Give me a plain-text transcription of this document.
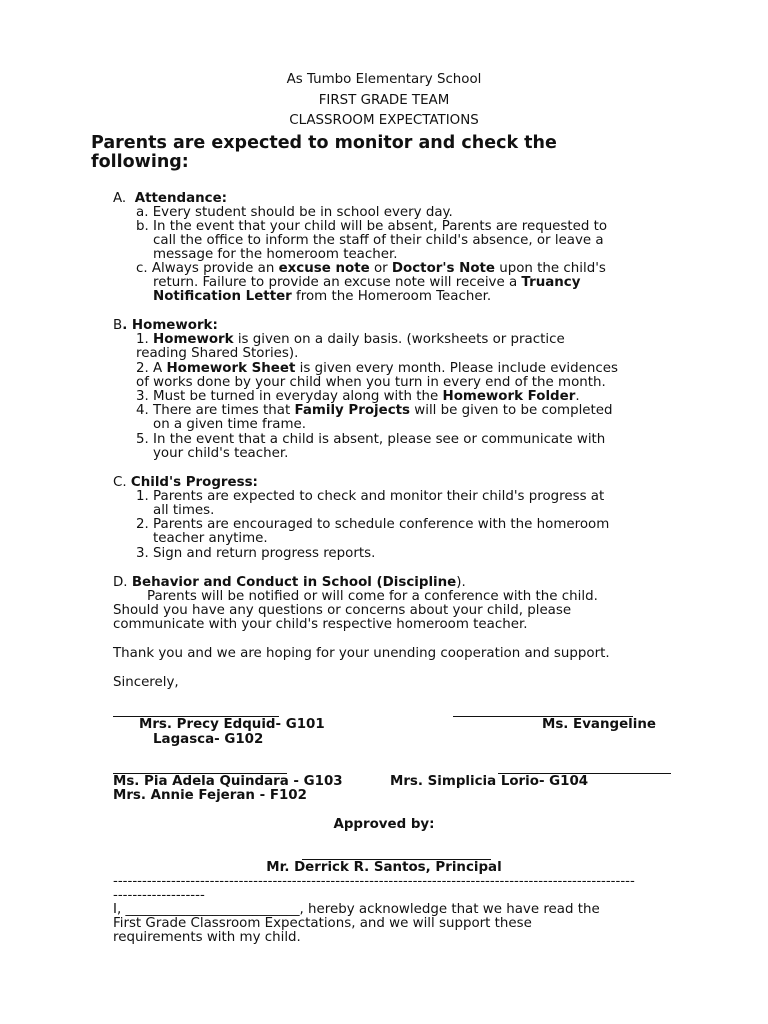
As Tumbo Elementary School
FIRST GRADE TEAM
CLASSROOM EXPECTATIONS
Parents are expected to monitor and check the
following:
A. Attendance:
a. Every student should be in school every day.
b. In the event that your child will be absent, Parents are requested to
call the office to inform the staff of their child's absence, or leave a
message for the homeroom teacher.
c. Always provide an excuse note or Doctor's Note upon the child's
return. Failure to provide an excuse note will receive a Truancy
Notification Letter from the Homeroom Teacher.
B. Homework:
1. Homework is given on a daily basis. (worksheets or practice
reading Shared Stories).
2. A Homework Sheet is given every month. Please include evidences
of works done by your child when you turn in every end of the month.
3. Must be turned in everyday along with the Homework Folder.
4. There are times that Family Projects will be given to be completed
on a given time frame.
5. In the event that a child is absent, please see or communicate with
your child's teacher.
C. Child's Progress:
1. Parents are expected to check and monitor their child's progress at
all times.
2. Parents are encouraged to schedule conference with the homeroom
teacher anytime.
3. Sign and return progress reports.
D. Behavior and Conduct in School (Discipline).
Parents will be notified or will come for a conference with the child.
Should you have any questions or concerns about your child, please
communicate with your child's respective homeroom teacher.
Thank you and we are hoping for your unending cooperation and support.
Sincerely,
Mrs. Precy Edquid- G101	Ms. Evangeline
Lagasca- G102
Ms. Pia Adela Quindara - G103	Mrs. Simplicia Lorio- G104
Mrs. Annie Fejeran - F102
Approved by:
Mr. Derrick R. Santos, Principal
------------------------------------------------------------------------------------------------------------
-------------------
I, __________________________, hereby acknowledge that we have read the
First Grade Classroom Expectations, and we will support these
requirements with my child.
